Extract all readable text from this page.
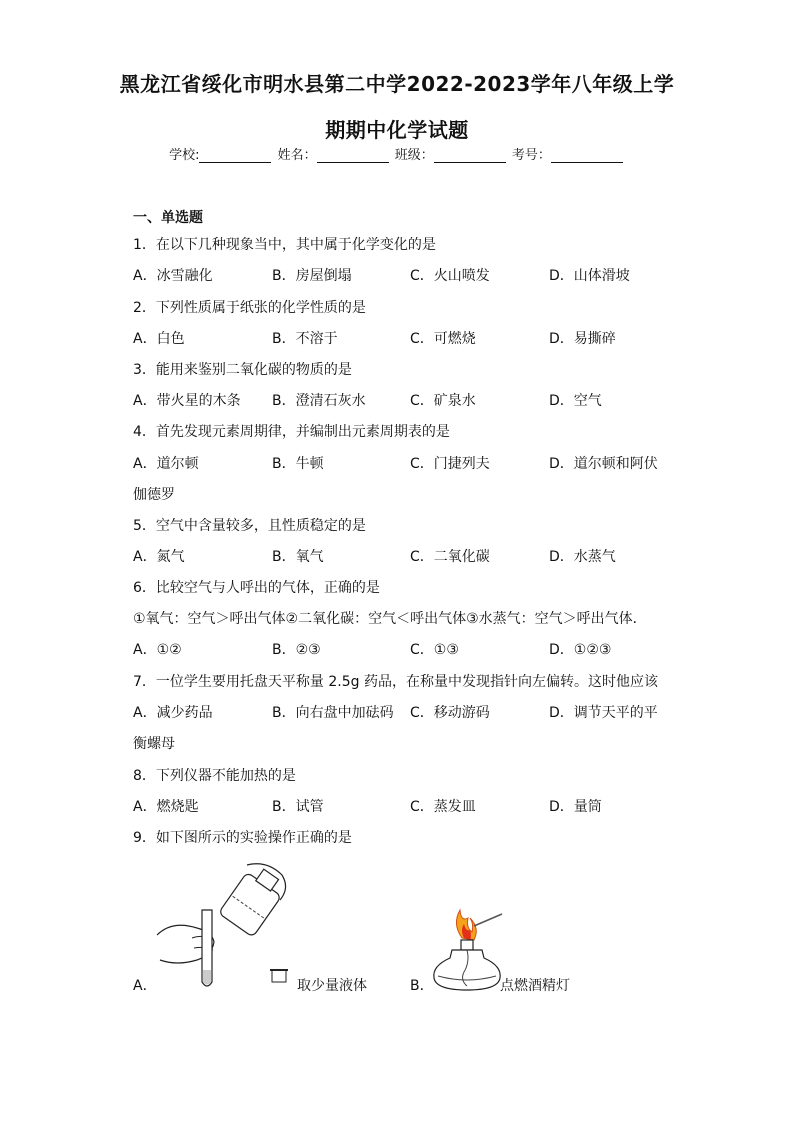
黑龙江省绥化市明水县第二中学2022-2023学年八年级上学
期期中化学试题
学校:	姓名：	班级：	考号：
一、单选题
1．在以下几种现象当中，其中属于化学变化的是
A．冰雪融化	B．房屋倒塌	C．火山喷发	D．山体滑坡
2．下列性质属于纸张的化学性质的是
A．白色	B．不溶于	C．可燃烧	D．易撕碎
3．能用来鉴别二氧化碳的物质的是
A．带火星的木条 B．澄清石灰水	C．矿泉水	D．空气
4．首先发现元素周期律，并编制出元素周期表的是
A．道尔顿	B．牛顿	C．门捷列夫	D．道尔顿和阿伏
伽德罗
5．空气中含量较多，且性质稳定的是
A．氮气	B．氧气	C．二氧化碳	D．水蒸气
6．比较空气与人呼出的气体，正确的是
①氧气：空气＞呼出气体②二氧化碳：空气＜呼出气体③水蒸气：空气＞呼出气体．
A．①②	B．②③	C．①③	D．①②③
7．一位学生要用托盘天平称量 2.5g 药品，在称量中发现指针向左偏转。这时他应该
A．减少药品	B．向右盘中加砝码 C．移动游码	D．调节天平的平
衡螺母
8．下列仪器不能加热的是
A．燃烧匙	B．试管	C．蒸发皿	D．量筒
9．如下图所示的实验操作正确的是
A．	取少量液体	B．	点燃酒精灯
